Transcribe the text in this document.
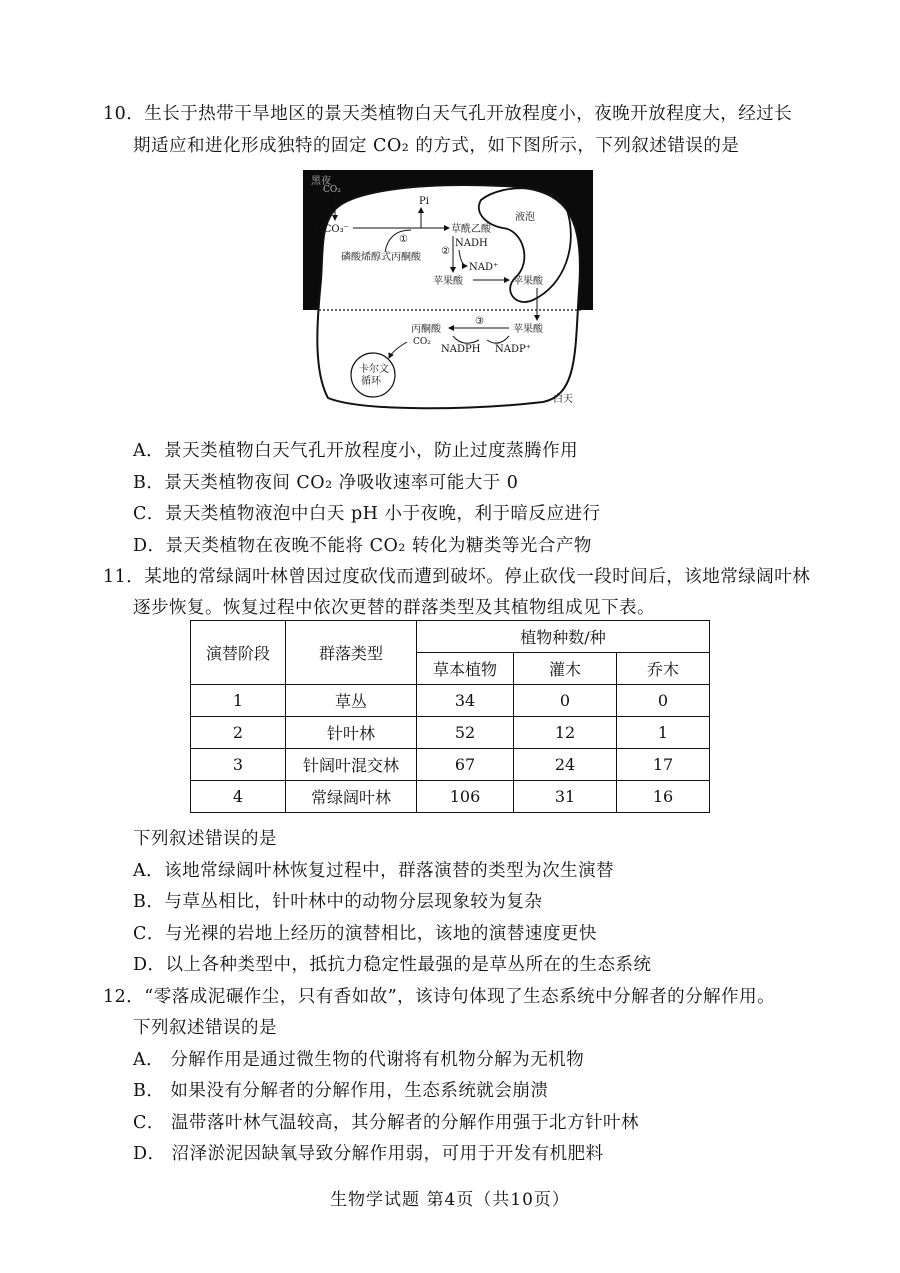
10．生长于热带干旱地区的景天类植物白天气孔开放程度小，夜晚开放程度大，经过长
期适应和进化形成独特的固定 CO₂ 的方式，如下图所示，下列叙述错误的是
黑夜
CO₂
HCO₃⁻
Pi
草酰乙酸
液泡
①	NADH
②
磷酸烯醇式丙酮酸
NAD⁺
苹果酸	苹果酸
苹果酸
③
丙酮酸
CO₂
NADPH NADP⁺
卡尔文
循环
白天
A．景天类植物白天气孔开放程度小，防止过度蒸腾作用
B．景天类植物夜间 CO₂ 净吸收速率可能大于 0
C．景天类植物液泡中白天 pH 小于夜晚，利于暗反应进行
D．景天类植物在夜晚不能将 CO₂ 转化为糖类等光合产物
11．某地的常绿阔叶林曾因过度砍伐而遭到破坏。停止砍伐一段时间后，该地常绿阔叶林
逐步恢复。恢复过程中依次更替的群落类型及其植物组成见下表。
演替阶段	群落类型	植物种数/种		
		草本植物	灌木	乔木
1	草丛	34	0	0
2	针叶林	52	12	1
3	针阔叶混交林	67	24	17
4	常绿阔叶林	106	31	16
下列叙述错误的是
A．该地常绿阔叶林恢复过程中，群落演替的类型为次生演替
B．与草丛相比，针叶林中的动物分层现象较为复杂
C．与光裸的岩地上经历的演替相比，该地的演替速度更快
D．以上各种类型中，抵抗力稳定性最强的是草丛所在的生态系统
12．“零落成泥碾作尘，只有香如故”，该诗句体现了生态系统中分解者的分解作用。
下列叙述错误的是
A． 分解作用是通过微生物的代谢将有机物分解为无机物
B． 如果没有分解者的分解作用，生态系统就会崩溃
C． 温带落叶林气温较高，其分解者的分解作用强于北方针叶林
D． 沼泽淤泥因缺氧导致分解作用弱，可用于开发有机肥料
生物学试题 第4页（共10页）
